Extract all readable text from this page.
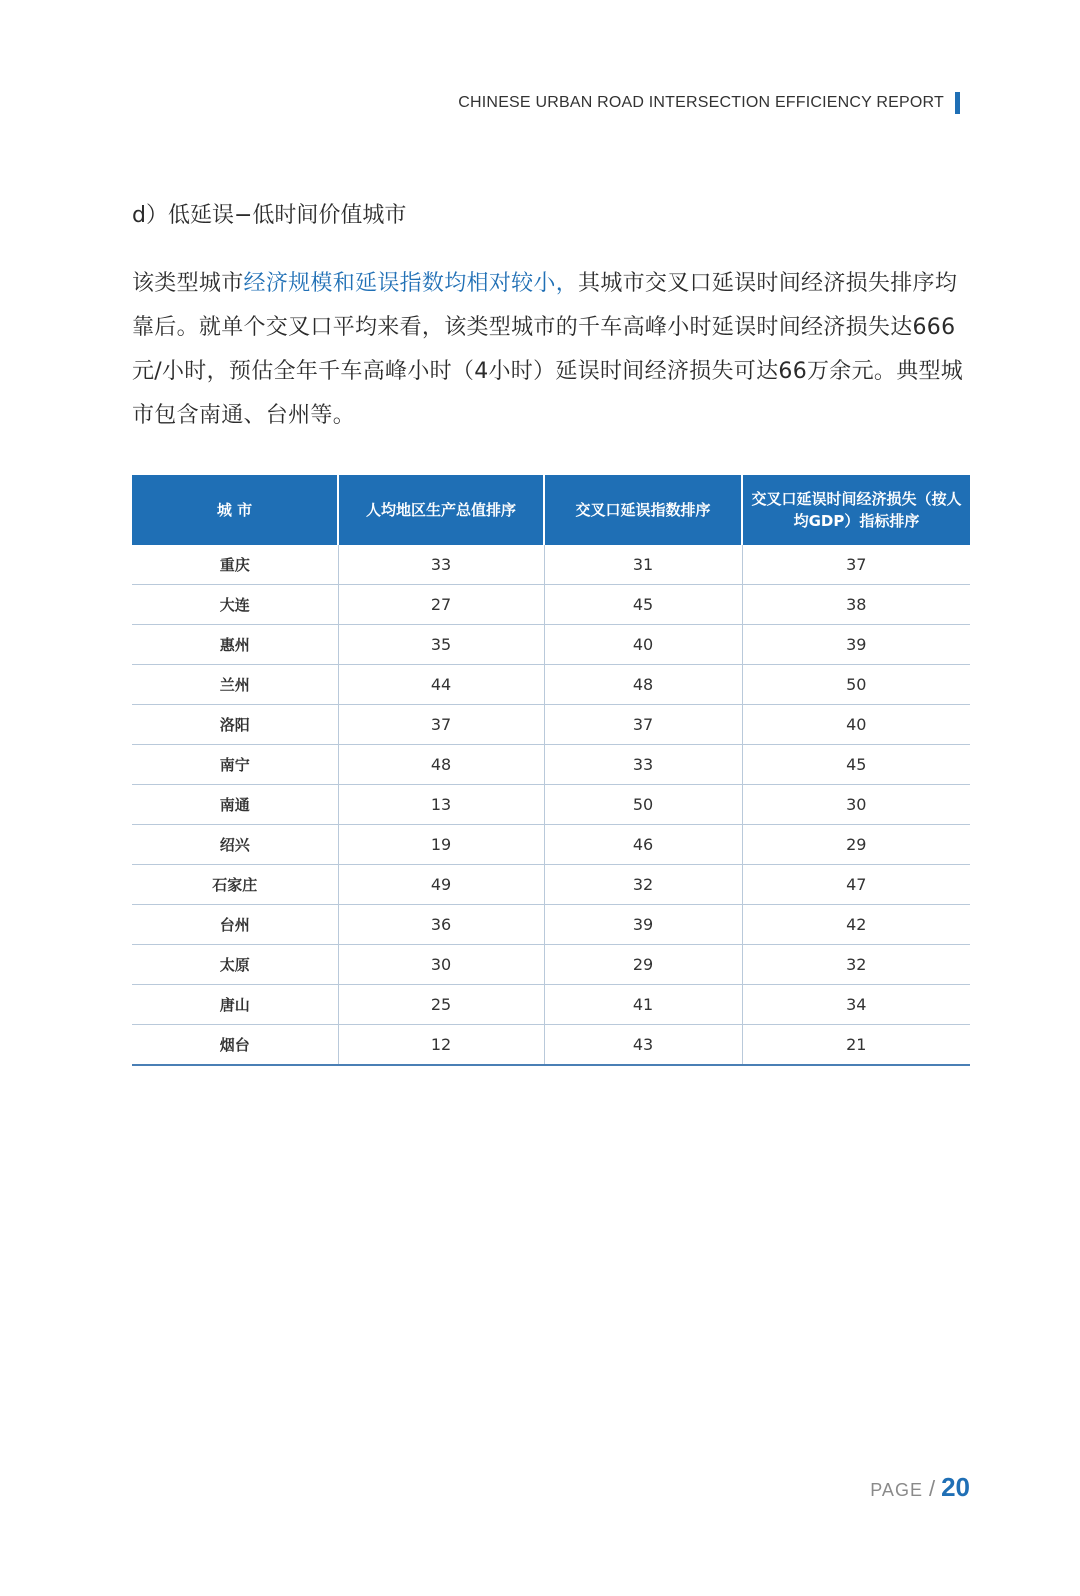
CHINESE URBAN ROAD INTERSECTION EFFICIENCY REPORT
d）低延误−低时间价值城市
该类型城市经济规模和延误指数均相对较小，其城市交叉口延误时间经济损失排序均靠后。就单个交叉口平均来看，该类型城市的千车高峰小时延误时间经济损失达666元/小时，预估全年千车高峰小时（4小时）延误时间经济损失可达66万余元。典型城市包含南通、台州等。
城 市	人均地区生产总值排序	交叉口延误指数排序	交叉口延误时间经济损失（按人均GDP）指标排序
重庆	33	31	37
大连	27	45	38
惠州	35	40	39
兰州	44	48	50
洛阳	37	37	40
南宁	48	33	45
南通	13	50	30
绍兴	19	46	29
石家庄	49	32	47
台州	36	39	42
太原	30	29	32
唐山	25	41	34
烟台	12	43	21
PAGE / 20
